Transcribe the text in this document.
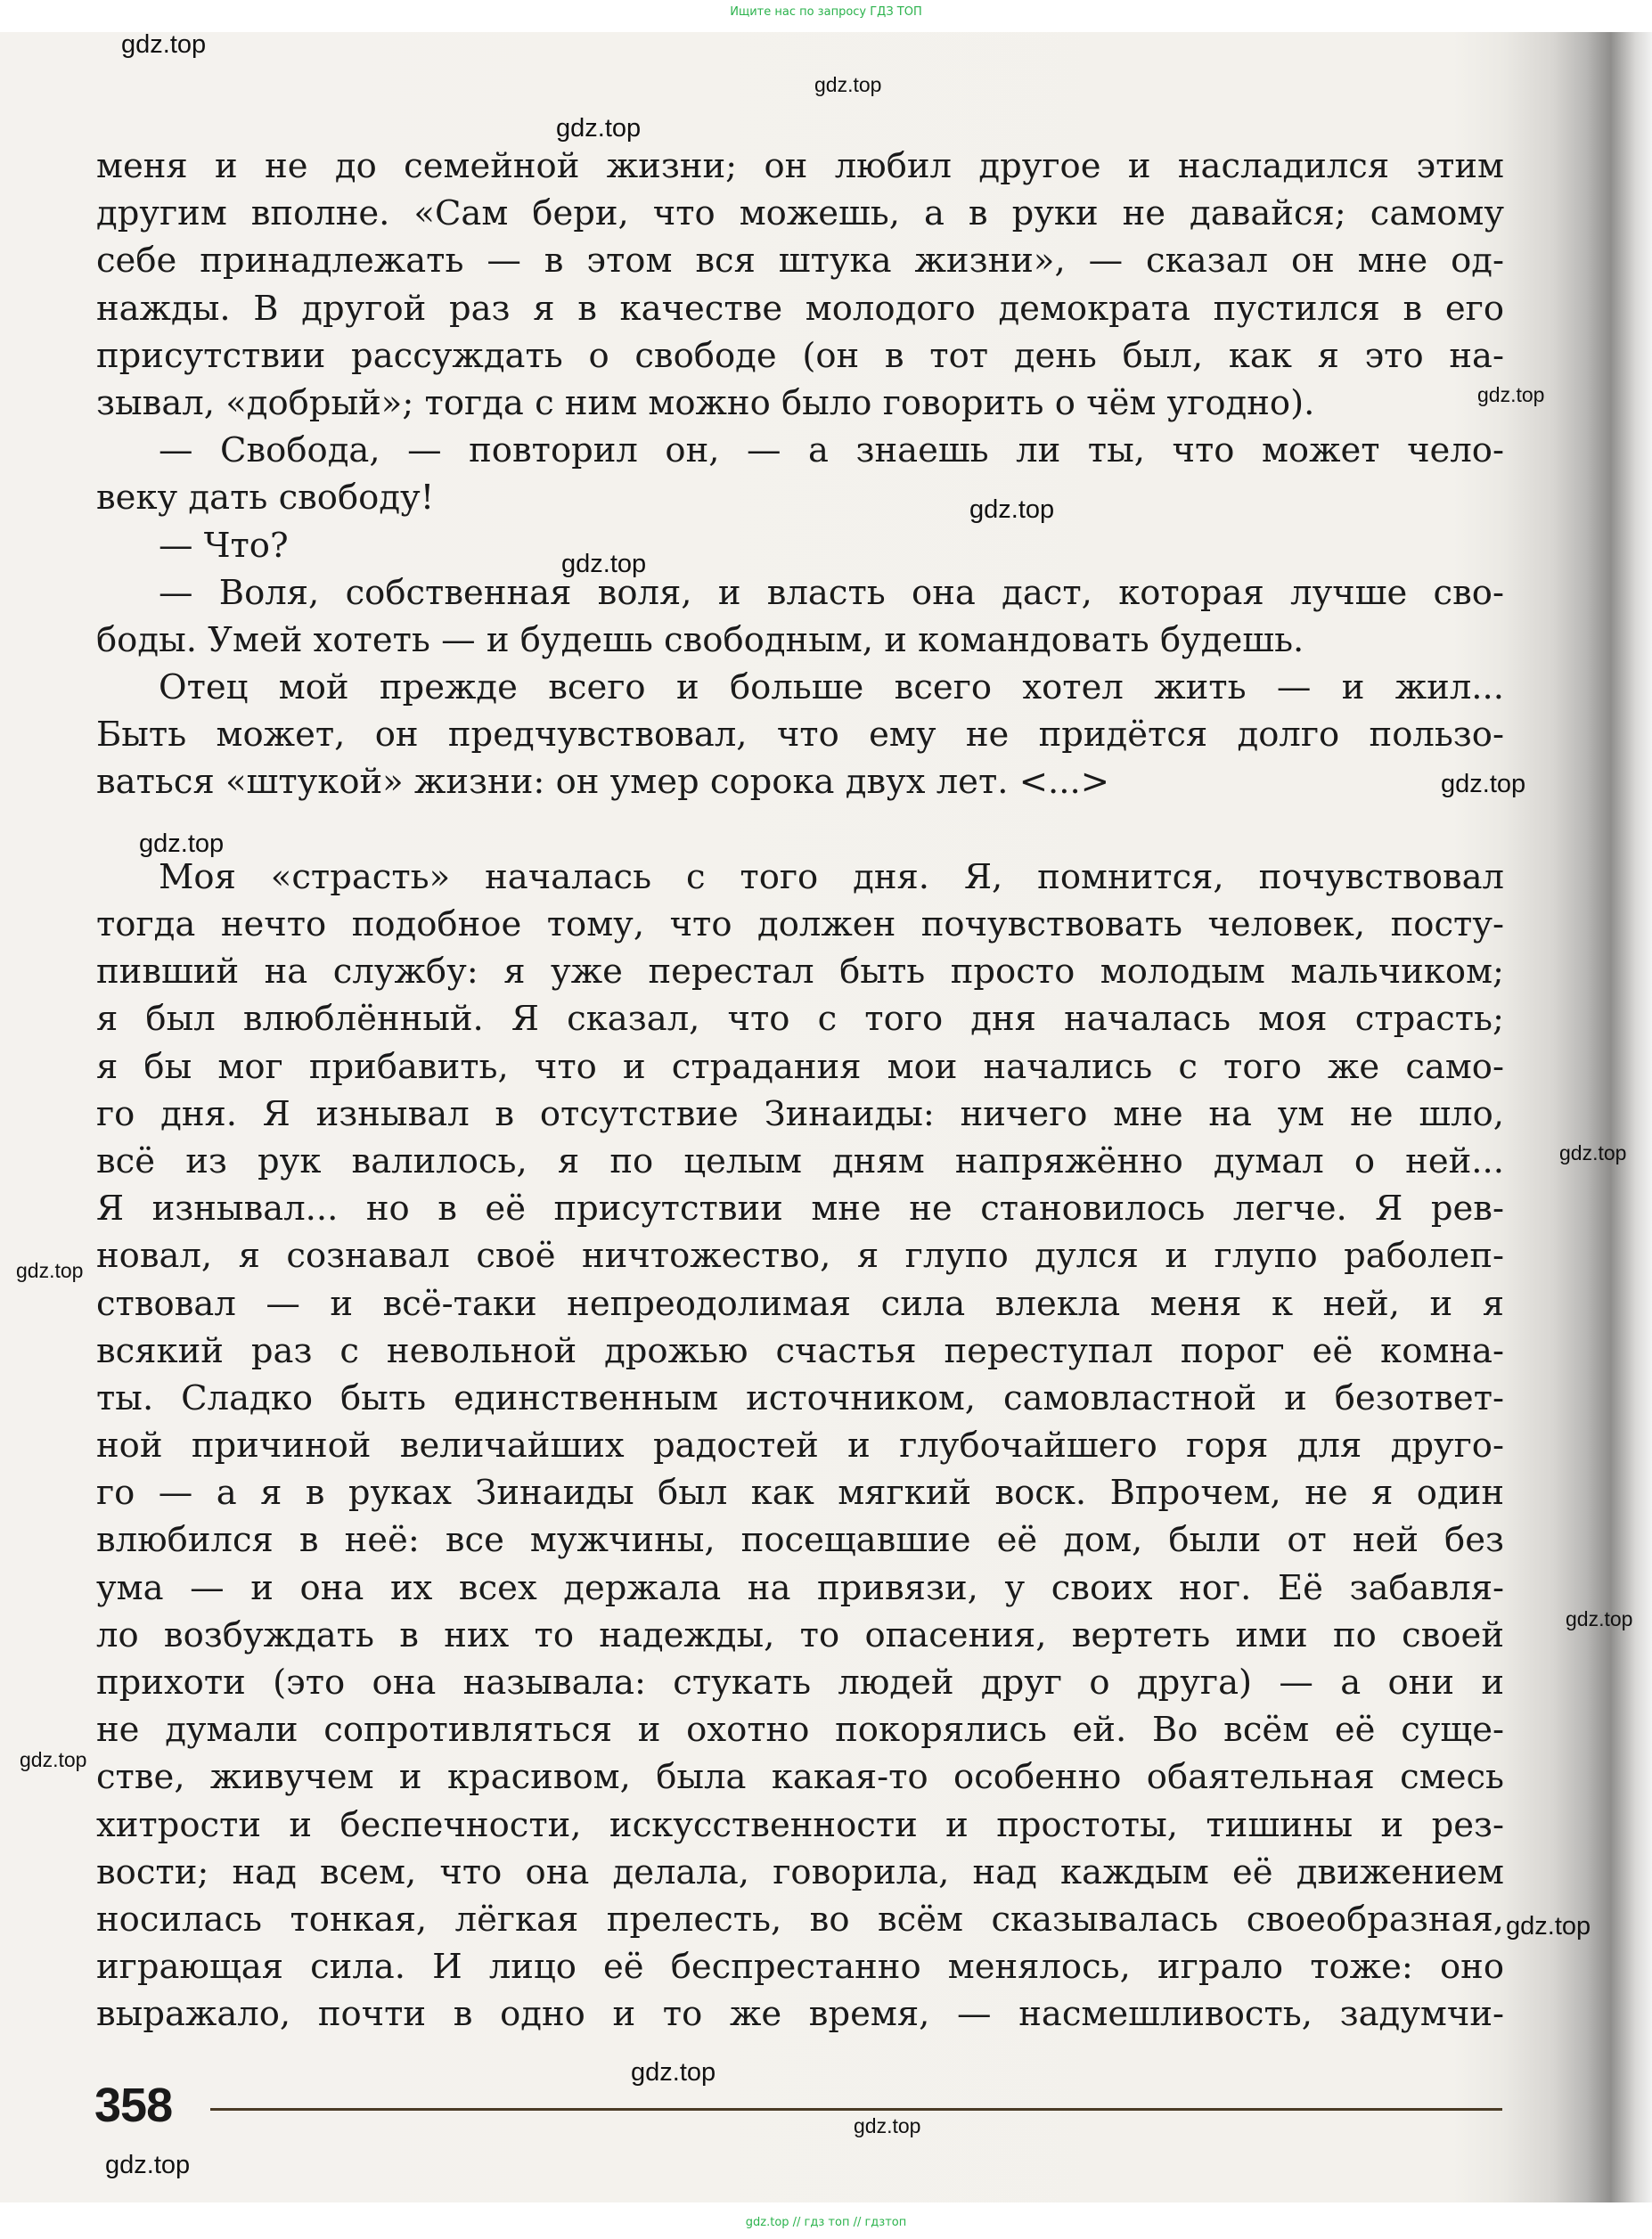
Ищите нас по запросу ГДЗ ТОП
меня и не до семейной жизни; он любил другое и насладился этим
другим вполне. «Сам бери, что можешь, а в руки не давайся; самому
себе принадлежать — в этом вся штука жизни», — сказал он мне од-
нажды. В другой раз я в качестве молодого демократа пустился в его
присутствии рассуждать о свободе (он в тот день был, как я это на-
зывал, «добрый»; тогда с ним можно было говорить о чём угодно).
— Свобода, — повторил он, — а знаешь ли ты, что может чело-
веку дать свободу!
— Что?
— Воля, собственная воля, и власть она даст, которая лучше сво-
боды. Умей хотеть — и будешь свободным, и командовать будешь.
Отец мой прежде всего и больше всего хотел жить — и жил...
Быть может, он предчувствовал, что ему не придётся долго пользо-
ваться «штукой» жизни: он умер сорока двух лет. <...>
Моя «страсть» началась с того дня. Я, помнится, почувствовал
тогда нечто подобное тому, что должен почувствовать человек, посту-
пивший на службу: я уже перестал быть просто молодым мальчиком;
я был влюблённый. Я сказал, что с того дня началась моя страсть;
я бы мог прибавить, что и страдания мои начались с того же само-
го дня. Я изнывал в отсутствие Зинаиды: ничего мне на ум не шло,
всё из рук валилось, я по целым дням напряжённо думал о ней...
Я изнывал... но в её присутствии мне не становилось легче. Я рев-
новал, я сознавал своё ничтожество, я глупо дулся и глупо раболеп-
ствовал — и всё-таки непреодолимая сила влекла меня к ней, и я
всякий раз с невольной дрожью счастья переступал порог её комна-
ты. Сладко быть единственным источником, самовластной и безответ-
ной причиной величайших радостей и глубочайшего горя для друго-
го — а я в руках Зинаиды был как мягкий воск. Впрочем, не я один
влюбился в неё: все мужчины, посещавшие её дом, были от ней без
ума — и она их всех держала на привязи, у своих ног. Её забавля-
ло возбуждать в них то надежды, то опасения, вертеть ими по своей
прихоти (это она называла: стукать людей друг о друга) — а они и
не думали сопротивляться и охотно покорялись ей. Во всём её суще-
стве, живучем и красивом, была какая-то особенно обаятельная смесь
хитрости и беспечности, искусственности и простоты, тишины и рез-
вости; над всем, что она делала, говорила, над каждым её движением
носилась тонкая, лёгкая прелесть, во всём сказывалась своеобразная,
играющая сила. И лицо её беспрестанно менялось, играло тоже: оно
выражало, почти в одно и то же время, — насмешливость, задумчи-
gdz.top
gdz.top
gdz.top
gdz.top
gdz.top
gdz.top
gdz.top
gdz.top
gdz.top
gdz.top
gdz.top
gdz.top
gdz.top
gdz.top
gdz.top
gdz.top
358
gdz.top // гдз топ // гдзтоп
